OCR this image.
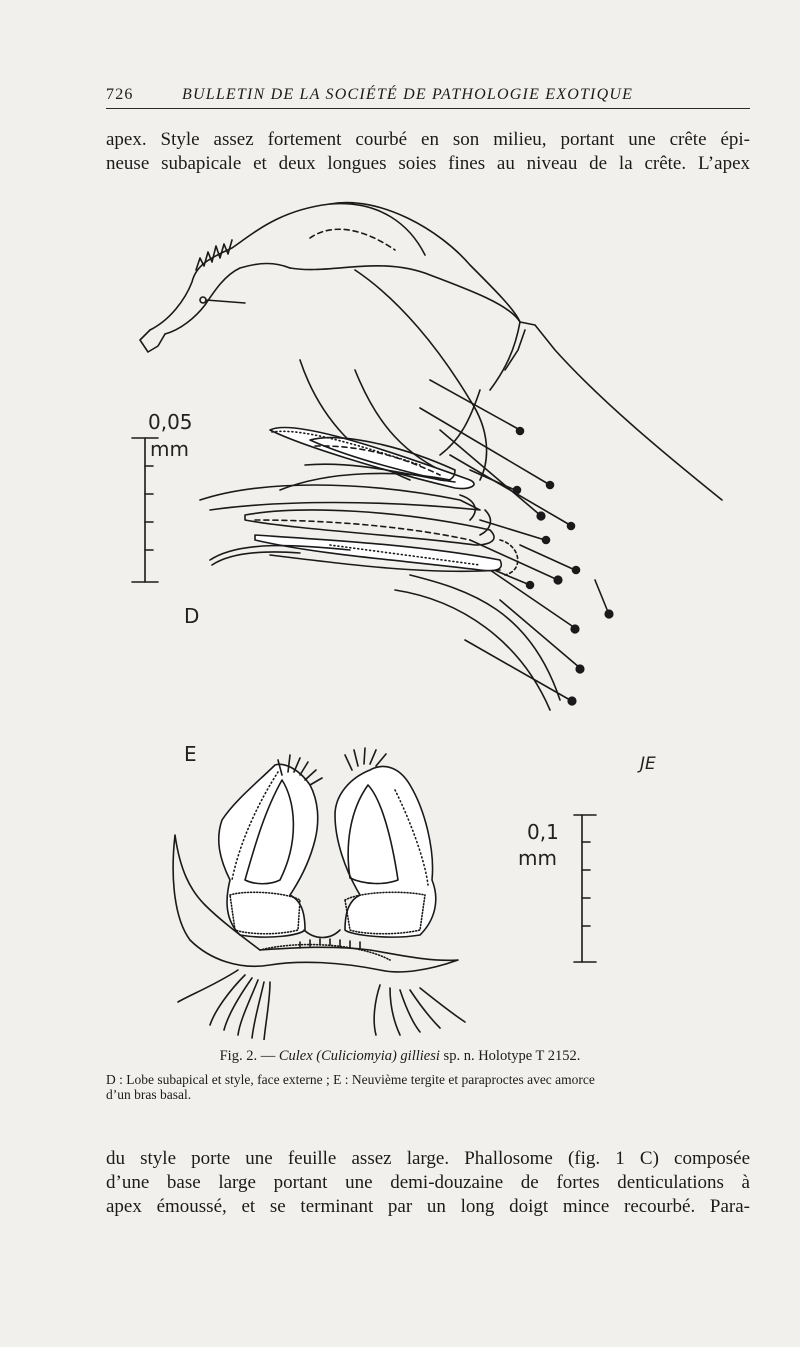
726	BULLETIN DE LA SOCIÉTÉ DE PATHOLOGIE EXOTIQUE
apex. Style assez fortement courbé en son milieu, portant une crête épi-
neuse subapicale et deux longues soies fines au niveau de la crête. L’apex
0,05
mm
D
E
0,1
mm
JE
Fig. 2. — Culex (Culiciomyia) gilliesi sp. n. Holotype T 2152.
D : Lobe subapical et style, face externe ; E : Neuvième tergite et paraproctes avec amorce
d’un bras basal.
du style porte une feuille assez large. Phallosome (fig. 1 C) composée
d’une base large portant une demi-douzaine de fortes denticulations à
apex émoussé, et se terminant par un long doigt mince recourbé. Para-
